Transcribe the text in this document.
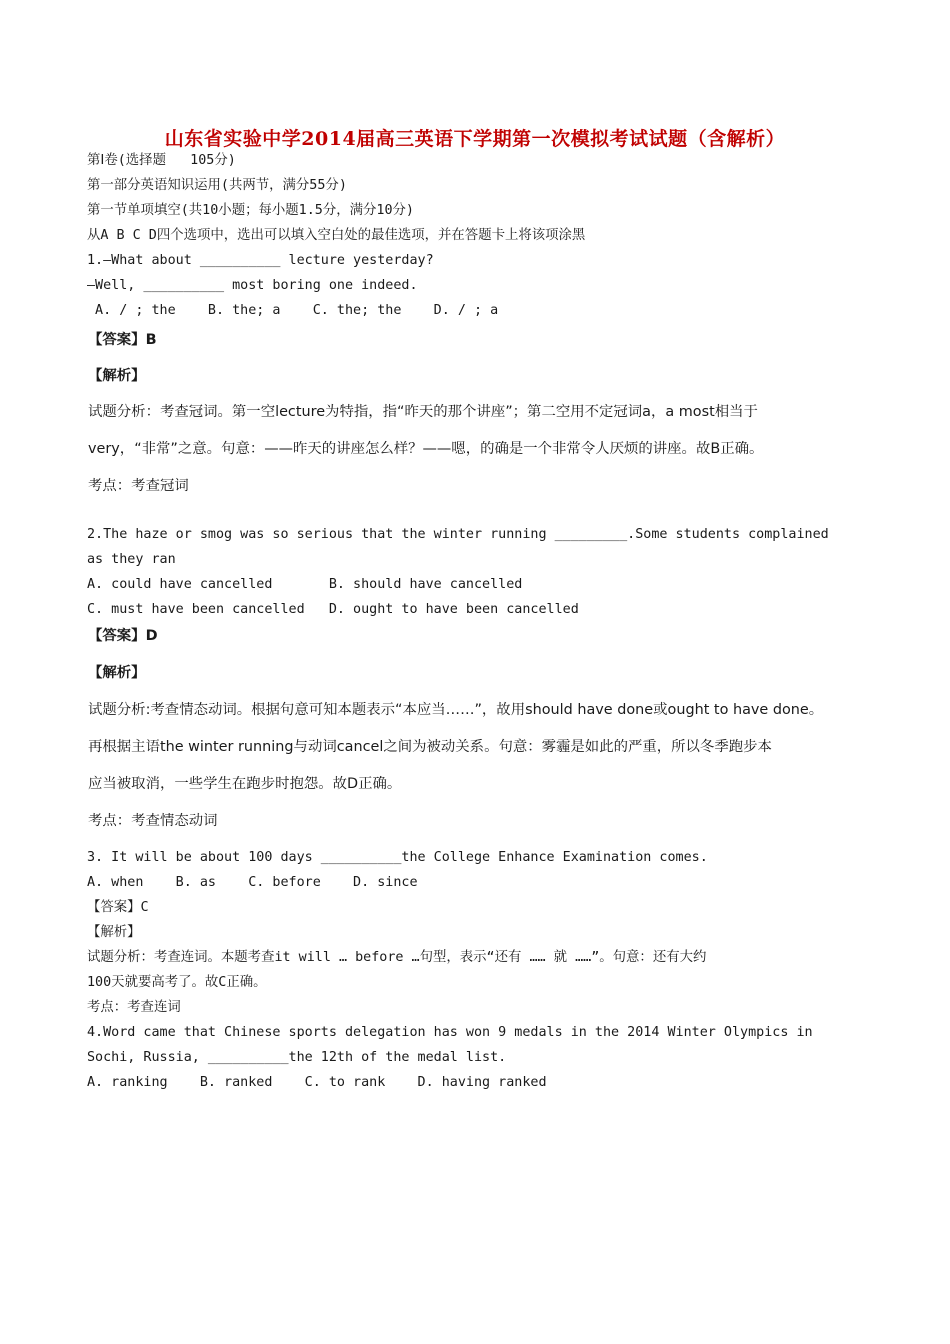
山东省实验中学2014届高三英语下学期第一次模拟考试试题（含解析）
第Ⅰ卷(选择题   105分)
第一部分英语知识运用(共两节，满分55分)
第一节单项填空(共10小题；每小题1.5分，满分10分)
从A B C D四个选项中，选出可以填入空白处的最佳选项，并在答题卡上将该项涂黑
1.—What about __________ lecture yesterday?
—Well, __________ most boring one indeed.
A. / ; the    B. the; a    C. the; the    D. / ; a
【答案】B
【解析】
试题分析：考查冠词。第一空lecture为特指，指“昨天的那个讲座”；第二空用不定冠词a，a most相当于
very，“非常”之意。句意：——昨天的讲座怎么样？——嗯，的确是一个非常令人厌烦的讲座。故B正确。
考点：考查冠词
2.The haze or smog was so serious that the winter running _________.Some students complained
as they ran
A. could have cancelled       B. should have cancelled
C. must have been cancelled   D. ought to have been cancelled
【答案】D
【解析】
试题分析:考查情态动词。根据句意可知本题表示“本应当……”，故用should have done或ought to have done。
再根据主语the winter running与动词cancel之间为被动关系。句意：雾霾是如此的严重，所以冬季跑步本
应当被取消，一些学生在跑步时抱怨。故D正确。
考点：考查情态动词
3. It will be about 100 days __________the College Enhance Examination comes.
A. when    B. as    C. before    D. since
【答案】C
【解析】
试题分析：考查连词。本题考查it will … before …句型，表示“还有 …… 就 ……”。句意：还有大约
100天就要高考了。故C正确。
考点：考查连词
4.Word came that Chinese sports delegation has won 9 medals in the 2014 Winter Olympics in
Sochi, Russia, __________the 12th of the medal list.
A. ranking    B. ranked    C. to rank    D. having ranked
